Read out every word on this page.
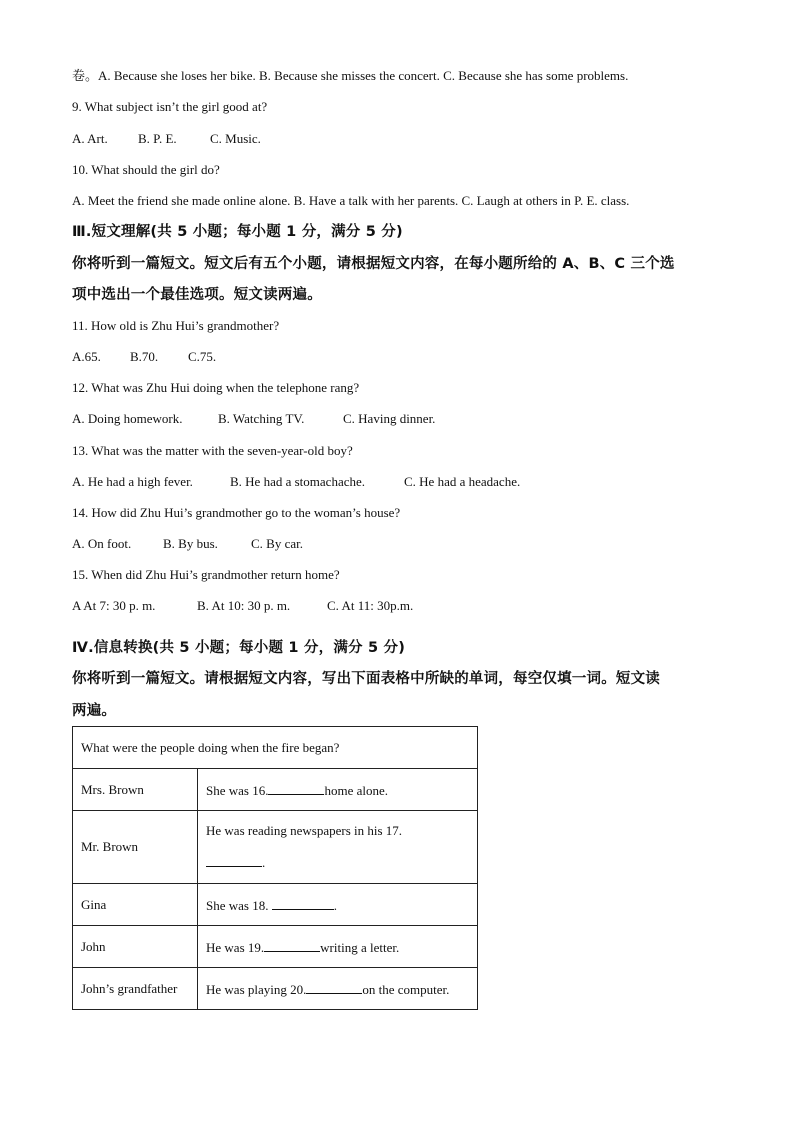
卷。A. Because she loses her bike. B. Because she misses the concert. C. Because she has some problems.
9. What subject isn’t the girl good at?
A. Art. B. P. E.	C. Music.
10. What should the girl do?
A. Meet the friend she made online alone. B. Have a talk with her parents. C. Laugh at others in P. E. class.
Ⅲ.短文理解(共 5 小题；每小题 1 分，满分 5 分)
你将听到一篇短文。短文后有五个小题，请根据短文内容，在每小题所给的 A、B、C 三个选
项中选出一个最佳选项。短文读两遍。
11. How old is Zhu Hui’s grandmother?
A.65. B.70. C.75.
12. What was Zhu Hui doing when the telephone rang?
A. Doing homework.	B. Watching TV.	C. Having dinner.
13. What was the matter with the seven-year-old boy?
A. He had a high fever.	B. He had a stomachache.	C. He had a headache.
14. How did Zhu Hui’s grandmother go to the woman’s house?
A. On foot. B. By bus.	C. By car.
15. When did Zhu Hui’s grandmother return home?
A At 7: 30 p. m.	B. At 10: 30 p. m.	C. At 11: 30p.m.
Ⅳ.信息转换(共 5 小题；每小题 1 分，满分 5 分)
你将听到一篇短文。请根据短文内容，写出下面表格中所缺的单词，每空仅填一词。短文读
两遍。
What were the people doing when the fire began?	
Mrs. Brown	She was 16. home alone.
Mr. Brown	He was reading newspapers in his 17.
.
Gina	She was 18. .
John	He was 19. writing a letter.
John’s grandfather	He was playing 20. on the computer.
